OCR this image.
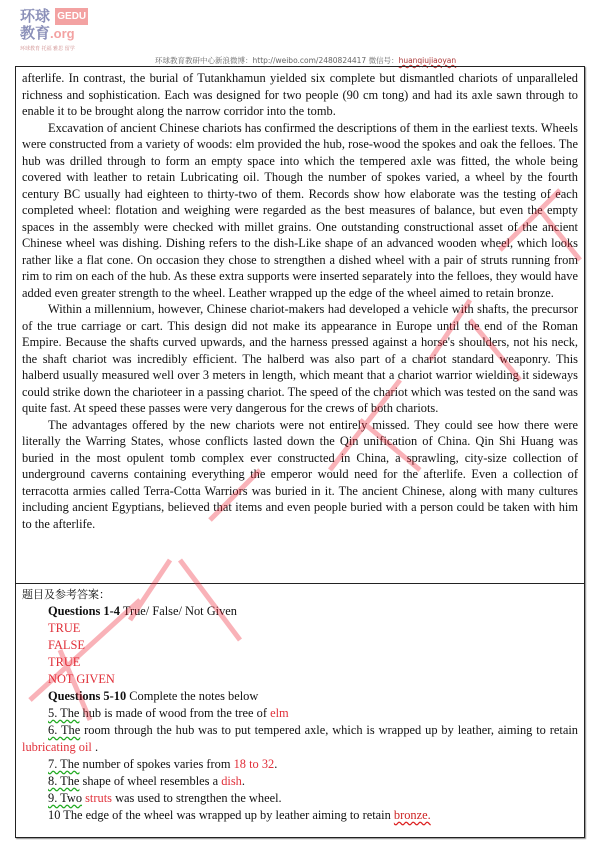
环球 GEDU
教育.org
环球教育 托福 雅思 留学
环球教育教研中心新浪微博：http://weibo.com/2480824417 微信号：huanqiujiaoyan

afterlife. In contrast, the burial of Tutankhamun yielded six complete but dismantled chariots of unparalleled richness and sophistication. Each was designed for two people (90 cm tong) and had its axle sawn through to enable it to be brought along the narrow corridor into the tomb.

Excavation of ancient Chinese chariots has confirmed the descriptions of them in the earliest texts. Wheels were constructed from a variety of woods: elm provided the hub, rose-wood the spokes and oak the felloes. The hub was drilled through to form an empty space into which the tempered axle was fitted, the whole being covered with leather to retain Lubricating oil. Though the number of spokes varied, a wheel by the fourth century BC usually had eighteen to thirty-two of them. Records show how elaborate was the testing of each completed wheel: flotation and weighing were regarded as the best measures of balance, but even the empty spaces in the assembly were checked with millet grains. One outstanding constructional asset of the ancient Chinese wheel was dishing. Dishing refers to the dish-Like shape of an advanced wooden wheel, which looks rather like a flat cone. On occasion they chose to strengthen a dished wheel with a pair of struts running from rim to rim on each of the hub. As these extra supports were inserted separately into the felloes, they would have added even greater strength to the wheel. Leather wrapped up the edge of the wheel aimed to retain bronze.

Within a millennium, however, Chinese chariot-makers had developed a vehicle with shafts, the precursor of the true carriage or cart. This design did not make its appearance in Europe until the end of the Roman Empire. Because the shafts curved upwards, and the harness pressed against a horse's shoulders, not his neck, the shaft chariot was incredibly efficient. The halberd was also part of a chariot standard weaponry. This halberd usually measured well over 3 meters in length, which meant that a chariot warrior wielding it sideways could strike down the charioteer in a passing chariot. The speed of the chariot which was tested on the sand was quite fast. At speed these passes were very dangerous for the crews of both chariots.

The advantages offered by the new chariots were not entirely missed. They could see how there were literally the Warring States, whose conflicts lasted down the Qin unification of China. Qin Shi Huang was buried in the most opulent tomb complex ever constructed in China, a sprawling, city-size collection of underground caverns containing everything the emperor would need for the afterlife. Even a collection of terracotta armies called Terra-Cotta Warriors was buried in it. The ancient Chinese, along with many cultures including ancient Egyptians, believed that items and even people buried with a person could be taken with him to the afterlife.

题目及参考答案：
Questions 1-4 True/ False/ Not Given
TRUE
FALSE
TRUE
NOT GIVEN
Questions 5-10 Complete the notes below
5. The hub is made of wood from the tree of elm
6. The room through the hub was to put tempered axle, which is wrapped up by leather, aiming to retain lubricating oil .
7. The number of spokes varies from 18 to 32.
8. The shape of wheel resembles a dish.
9. Two struts was used to strengthen the wheel.
10 The edge of the wheel was wrapped up by leather aiming to retain bronze.
